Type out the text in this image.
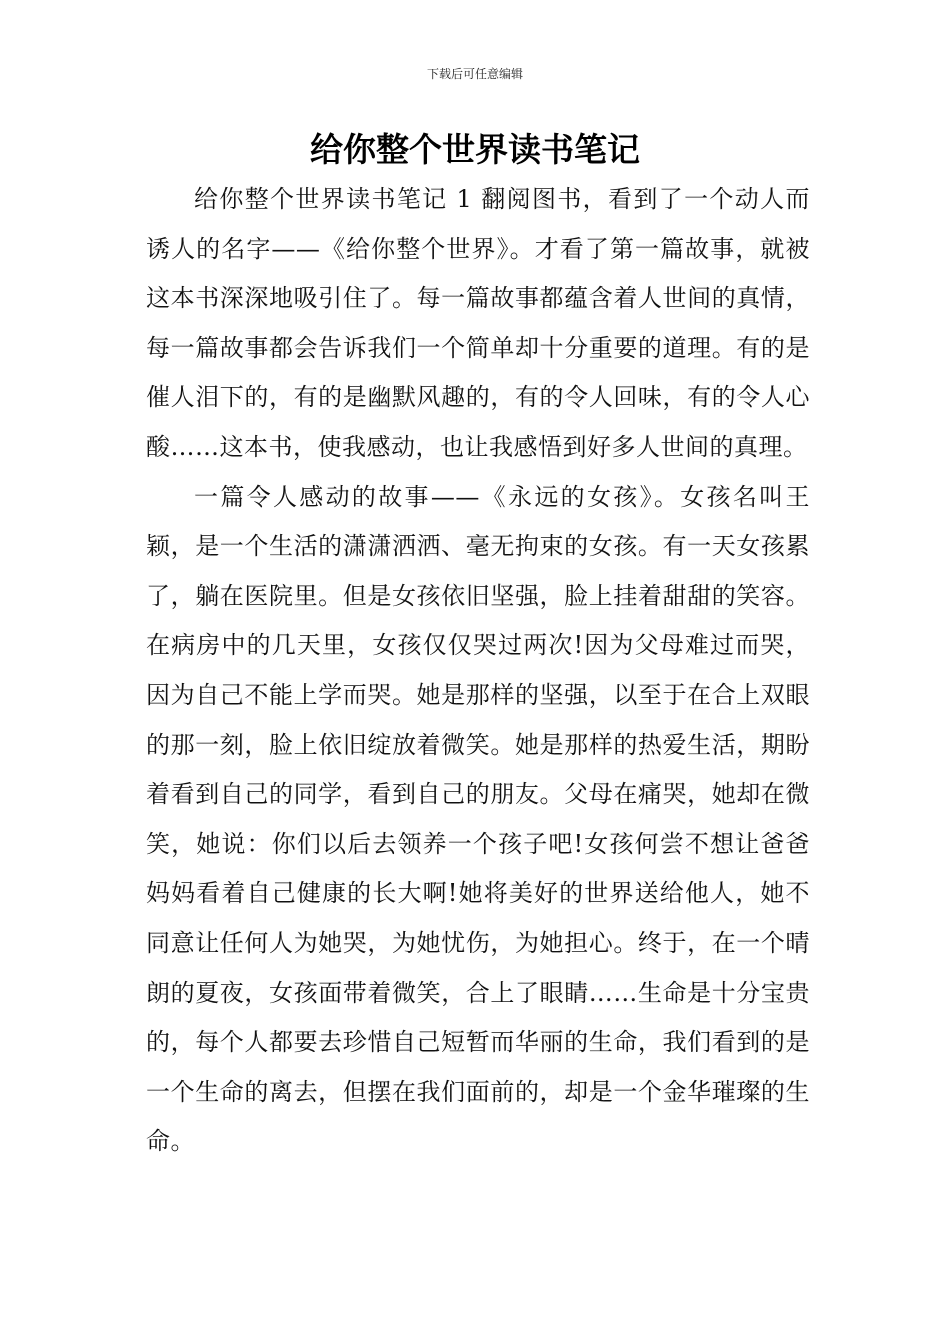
下载后可任意编辑
给你整个世界读书笔记

给你整个世界读书笔记 1 翻阅图书，看到了一个动人而诱人的名字——《给你整个世界》。才看了第一篇故事，就被这本书深深地吸引住了。每一篇故事都蕴含着人世间的真情，每一篇故事都会告诉我们一个简单却十分重要的道理。有的是催人泪下的，有的是幽默风趣的，有的令人回味，有的令人心酸……这本书，使我感动，也让我感悟到好多人世间的真理。

一篇令人感动的故事——《永远的女孩》。女孩名叫王颖，是一个生活的潇潇洒洒、毫无拘束的女孩。有一天女孩累了，躺在医院里。但是女孩依旧坚强，脸上挂着甜甜的笑容。在病房中的几天里，女孩仅仅哭过两次!因为父母难过而哭，因为自己不能上学而哭。她是那样的坚强，以至于在合上双眼的那一刻，脸上依旧绽放着微笑。她是那样的热爱生活，期盼着看到自己的同学，看到自己的朋友。父母在痛哭，她却在微笑，她说：你们以后去领养一个孩子吧!女孩何尝不想让爸爸妈妈看着自己健康的长大啊!她将美好的世界送给他人，她不同意让任何人为她哭，为她忧伤，为她担心。终于，在一个晴朗的夏夜，女孩面带着微笑，合上了眼睛……生命是十分宝贵的，每个人都要去珍惜自己短暂而华丽的生命，我们看到的是一个生命的离去，但摆在我们面前的，却是一个金华璀璨的生命。
